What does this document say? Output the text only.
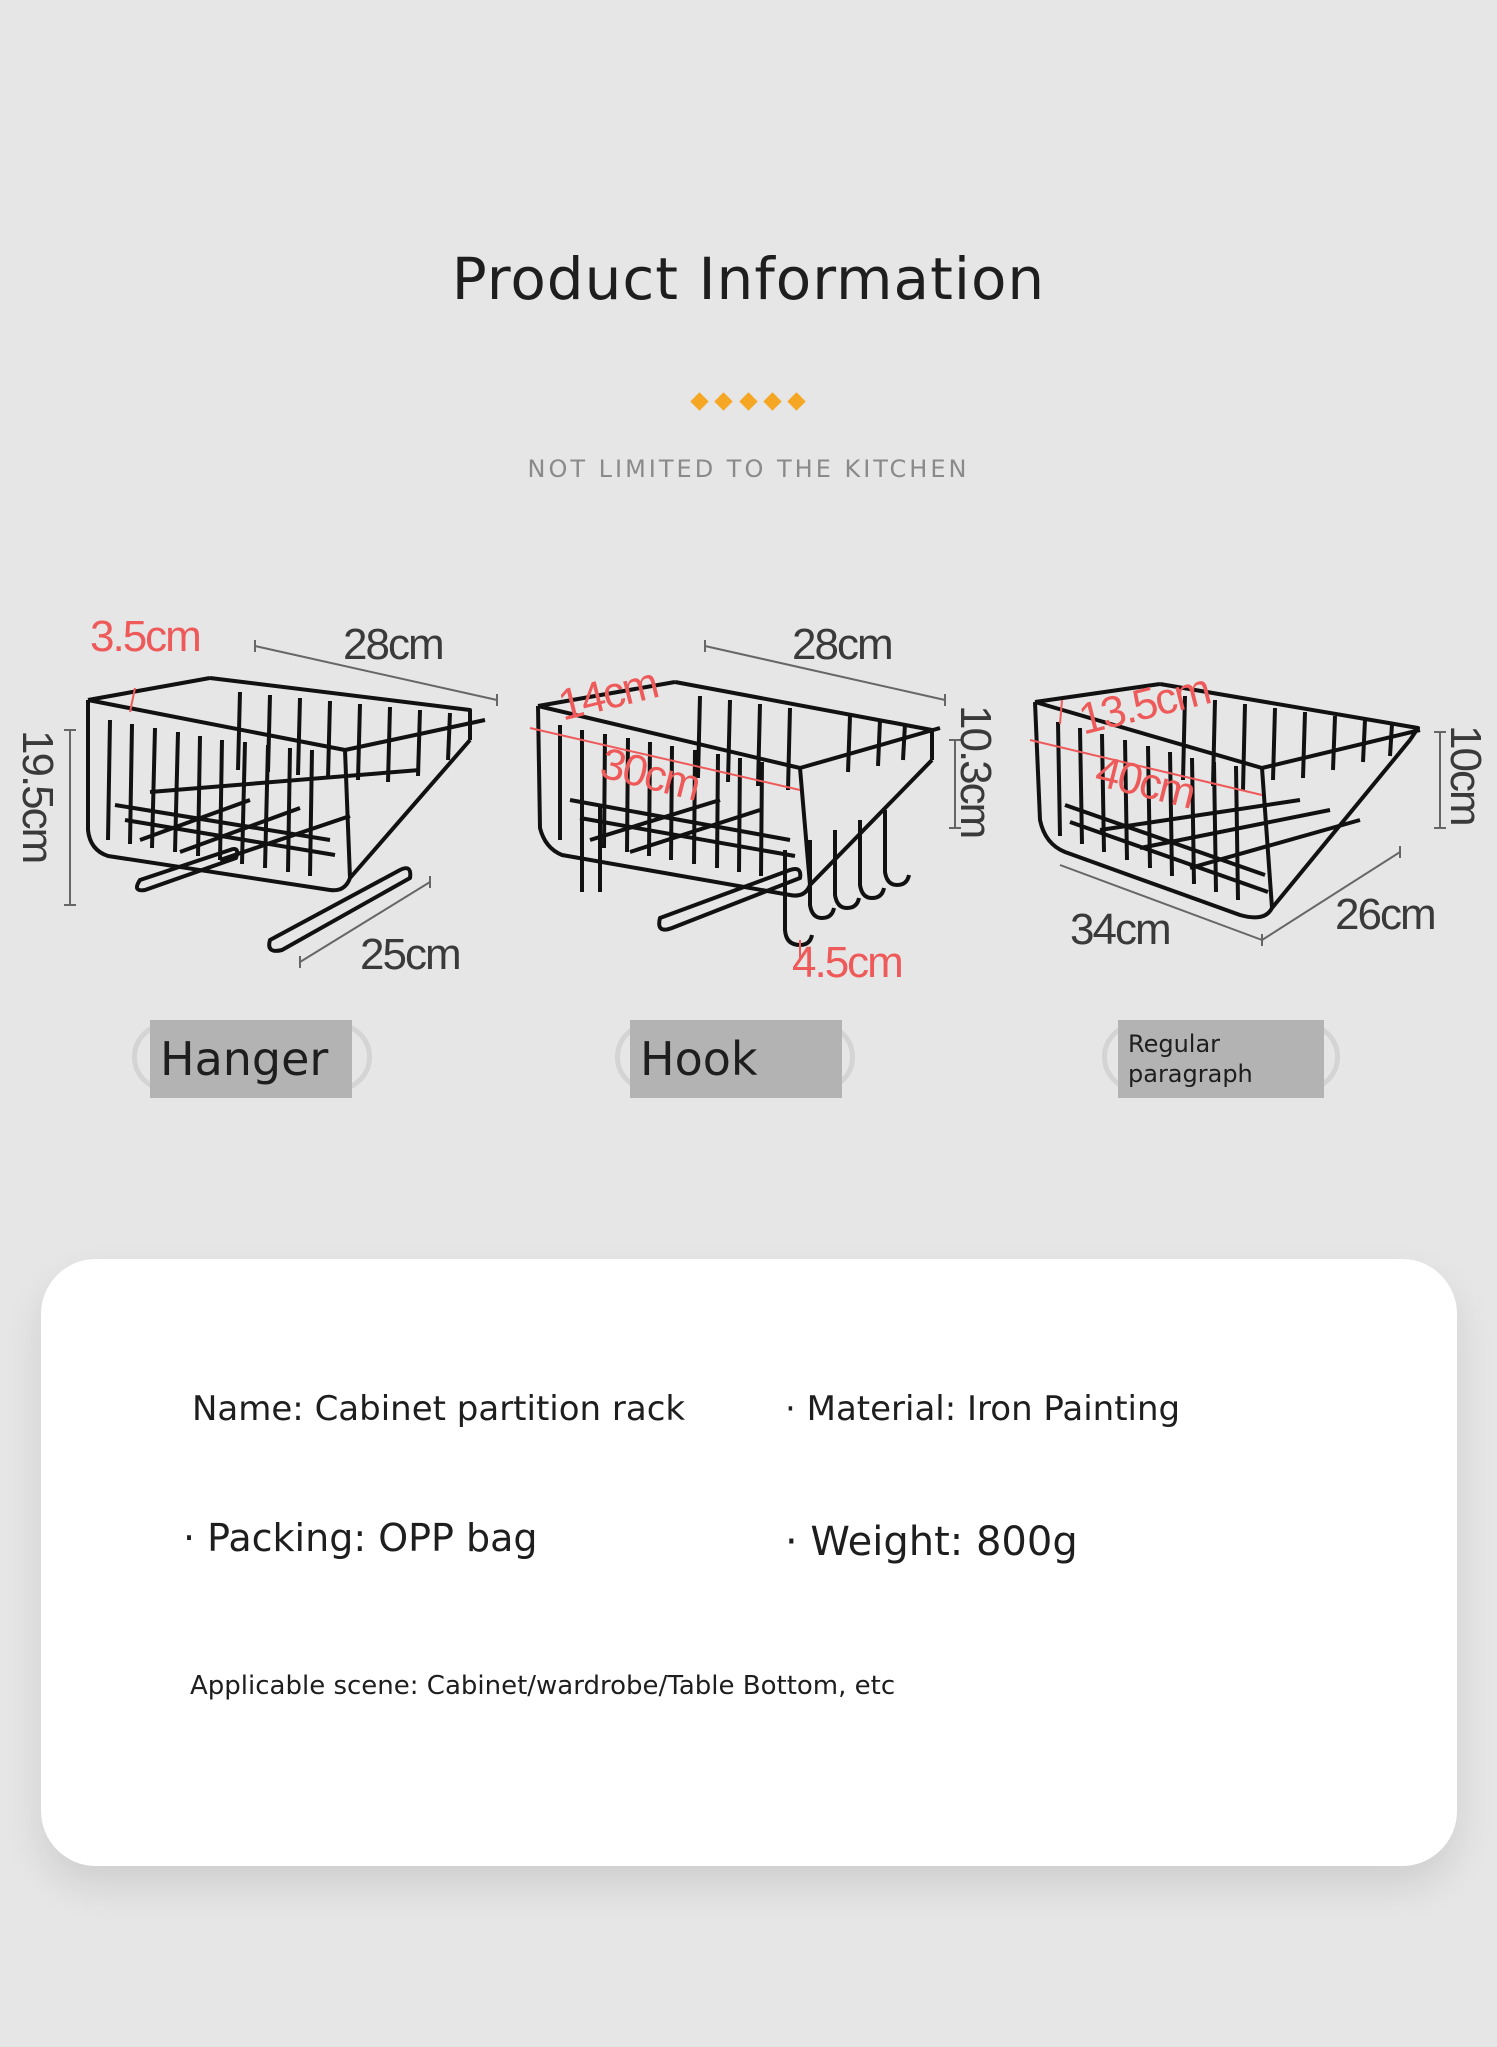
Product Information
NOT LIMITED TO THE KITCHEN
3.5cm	28cm
19.5cm
25cm
14cm
30cm
28cm
10.3cm
4.5cm
13.5cm
40cm	10cm
34cm	26cm
Hanger	Hook	Regular paragraph
Name: Cabinet partition rack	· Material: Iron Painting
· Packing: OPP bag	· Weight: 800g
Applicable scene: Cabinet/wardrobe/Table Bottom, etc
